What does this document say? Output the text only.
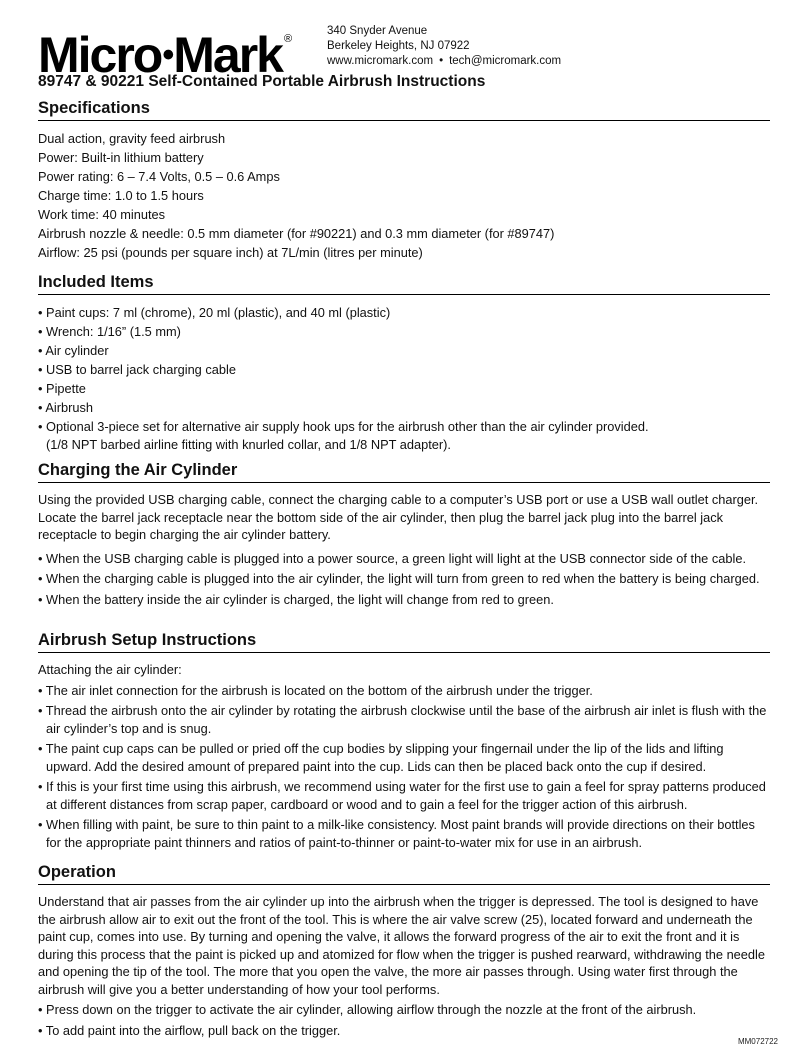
Micro•Mark ®
340 Snyder Avenue
Berkeley Heights, NJ 07922
www.micromark.com • tech@micromark.com
89747 & 90221 Self-Contained Portable Airbrush Instructions
Specifications
Dual action, gravity feed airbrush
Power: Built-in lithium battery
Power rating: 6 – 7.4 Volts, 0.5 – 0.6 Amps
Charge time: 1.0 to 1.5 hours
Work time: 40 minutes
Airbrush nozzle & needle: 0.5 mm diameter (for #90221) and 0.3 mm diameter (for #89747)
Airflow: 25 psi (pounds per square inch) at 7L/min (litres per minute)
Included Items
• Paint cups: 7 ml (chrome), 20 ml (plastic), and 40 ml (plastic)
• Wrench: 1/16” (1.5 mm)
• Air cylinder
• USB to barrel jack charging cable
• Pipette
• Airbrush
• Optional 3-piece set for alternative air supply hook ups for the airbrush other than the air cylinder provided.
(1/8 NPT barbed airline fitting with knurled collar, and 1/8 NPT adapter).
Charging the Air Cylinder
Using the provided USB charging cable, connect the charging cable to a computer’s USB port or use a USB wall outlet charger. Locate the barrel jack receptacle near the bottom side of the air cylinder, then plug the barrel jack plug into the barrel jack receptacle to begin charging the air cylinder battery.
• When the USB charging cable is plugged into a power source, a green light will light at the USB connector side of the cable.
• When the charging cable is plugged into the air cylinder, the light will turn from green to red when the battery is being charged.
• When the battery inside the air cylinder is charged, the light will change from red to green.
Airbrush Setup Instructions
Attaching the air cylinder:
• The air inlet connection for the airbrush is located on the bottom of the airbrush under the trigger.
• Thread the airbrush onto the air cylinder by rotating the airbrush clockwise until the base of the airbrush air inlet is flush with the air cylinder’s top and is snug.
• The paint cup caps can be pulled or pried off the cup bodies by slipping your fingernail under the lip of the lids and lifting upward. Add the desired amount of prepared paint into the cup. Lids can then be placed back onto the cup if desired.
• If this is your first time using this airbrush, we recommend using water for the first use to gain a feel for spray patterns produced at different distances from scrap paper, cardboard or wood and to gain a feel for the trigger action of this airbrush.
• When filling with paint, be sure to thin paint to a milk-like consistency. Most paint brands will provide directions on their bottles for the appropriate paint thinners and ratios of paint-to-thinner or paint-to-water mix for use in an airbrush.
Operation
Understand that air passes from the air cylinder up into the airbrush when the trigger is depressed. The tool is designed to have the airbrush allow air to exit out the front of the tool. This is where the air valve screw (25), located forward and underneath the paint cup, comes into use. By turning and opening the valve, it allows the forward progress of the air to exit the front and it is during this process that the paint is picked up and atomized for flow when the trigger is pushed rearward, withdrawing the needle and opening the tip of the tool. The more that you open the valve, the more air passes through. Using water first through the airbrush will give you a better understanding of how your tool performs.
• Press down on the trigger to activate the air cylinder, allowing airflow through the nozzle at the front of the airbrush.
• To add paint into the airflow, pull back on the trigger.
MM072722
